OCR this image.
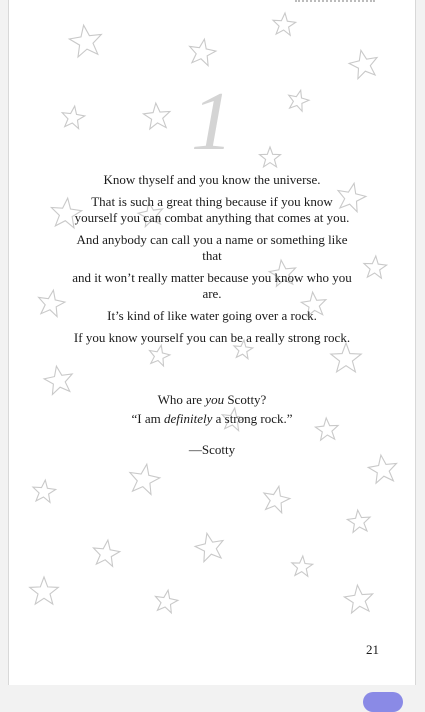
1

Know thyself and you know the universe.

That is such a great thing because if you know yourself you can combat anything that comes at you.

And anybody can call you a name or something like that

and it won’t really matter because you know who you are.

It’s kind of like water going over a rock.

If you know yourself you can be a really strong rock.

Who are you Scotty?
“I am definitely a strong rock.”
—Scotty
21
